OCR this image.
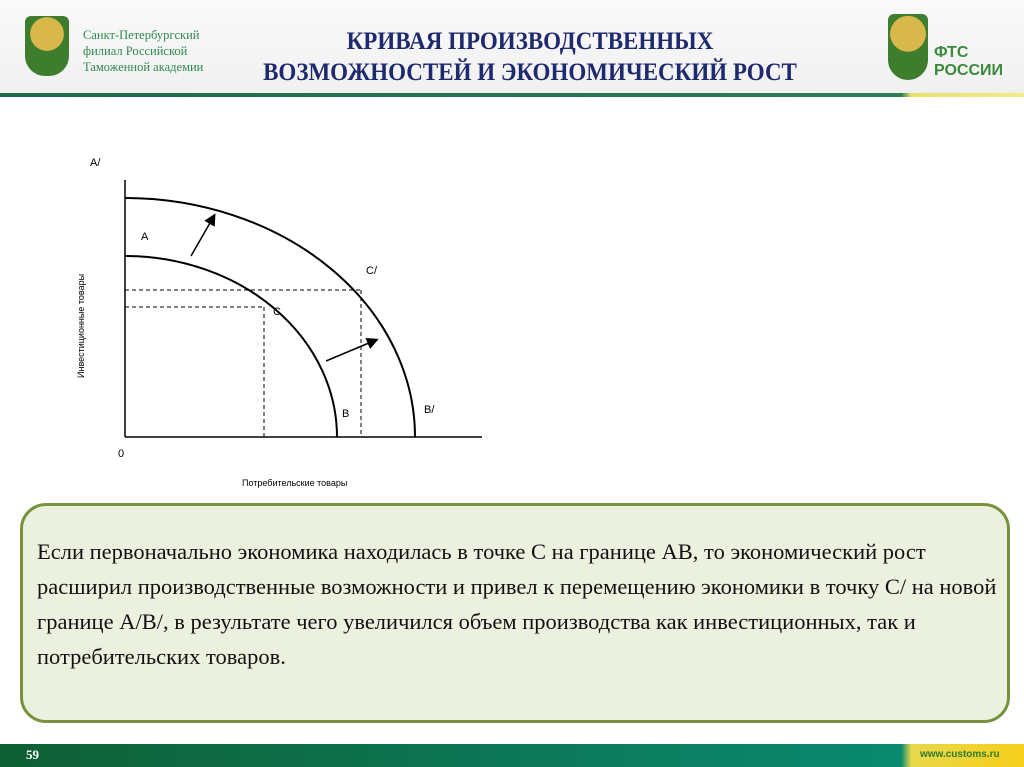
Санкт-Петербургский
филиал Российской
Таможенной академии
КРИВАЯ ПРОИЗВОДСТВЕННЫХ
ВОЗМОЖНОСТЕЙ И ЭКОНОМИЧЕСКИЙ РОСТ
ФТС
РОССИИ
A/
A
C/
C
B	B/
0
Потребительские товары
Инвестиционные товары

Если первоначально экономика находилась в точке С на границе АВ, то экономический рост расширил производственные возможности и привел к перемещению экономики в точку С/ на новой границе А/В/, в результате чего увеличился объем производства как инвестиционных, так и потребительских товаров.

59	www.customs.ru
